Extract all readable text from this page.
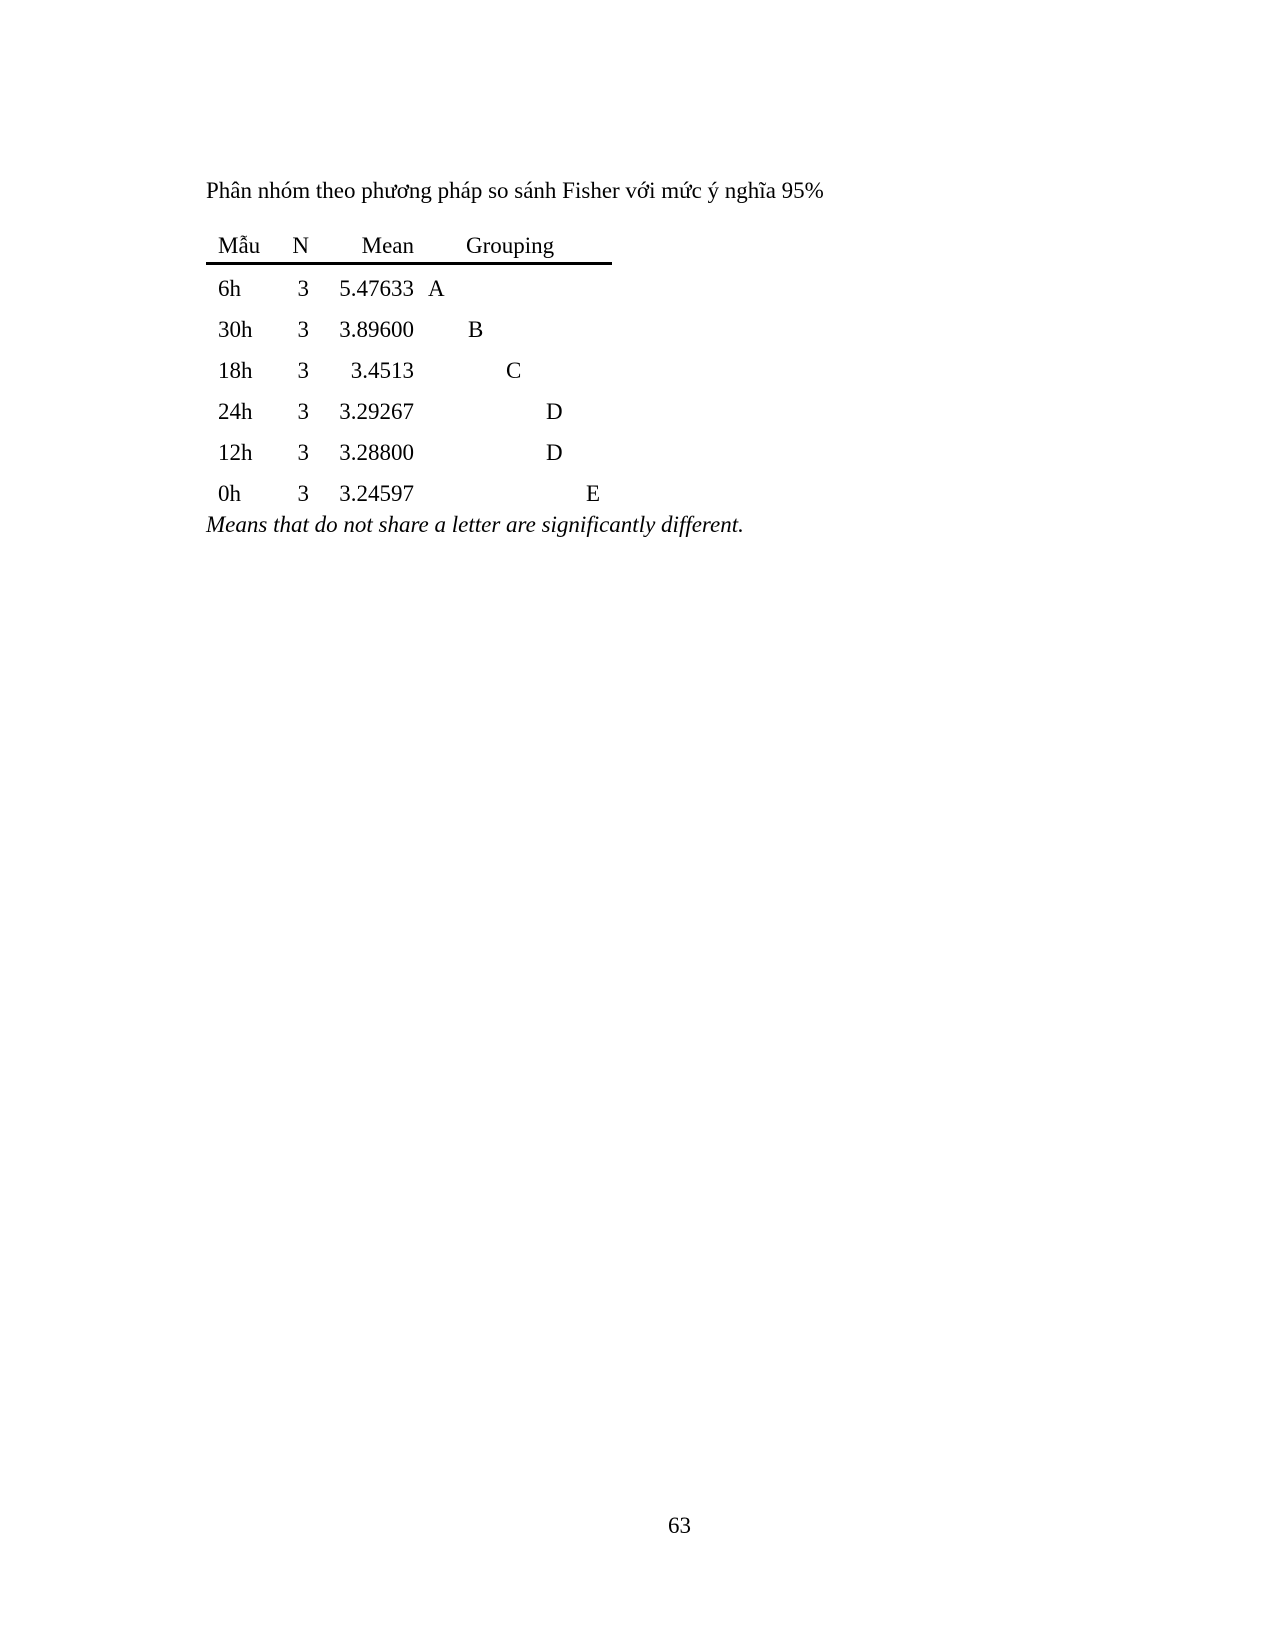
Phân nhóm theo phương pháp so sánh Fisher với mức ý nghĩa 95%
Mẫu	N	Mean Grouping
6h	3	5.47633 A
30h	3	3.89600 B
18h	3	3.4513	C
24h	3	3.29267	D
12h	3	3.28800	D
0h	3	3.24597	E
Means that do not share a letter are significantly different.
63
